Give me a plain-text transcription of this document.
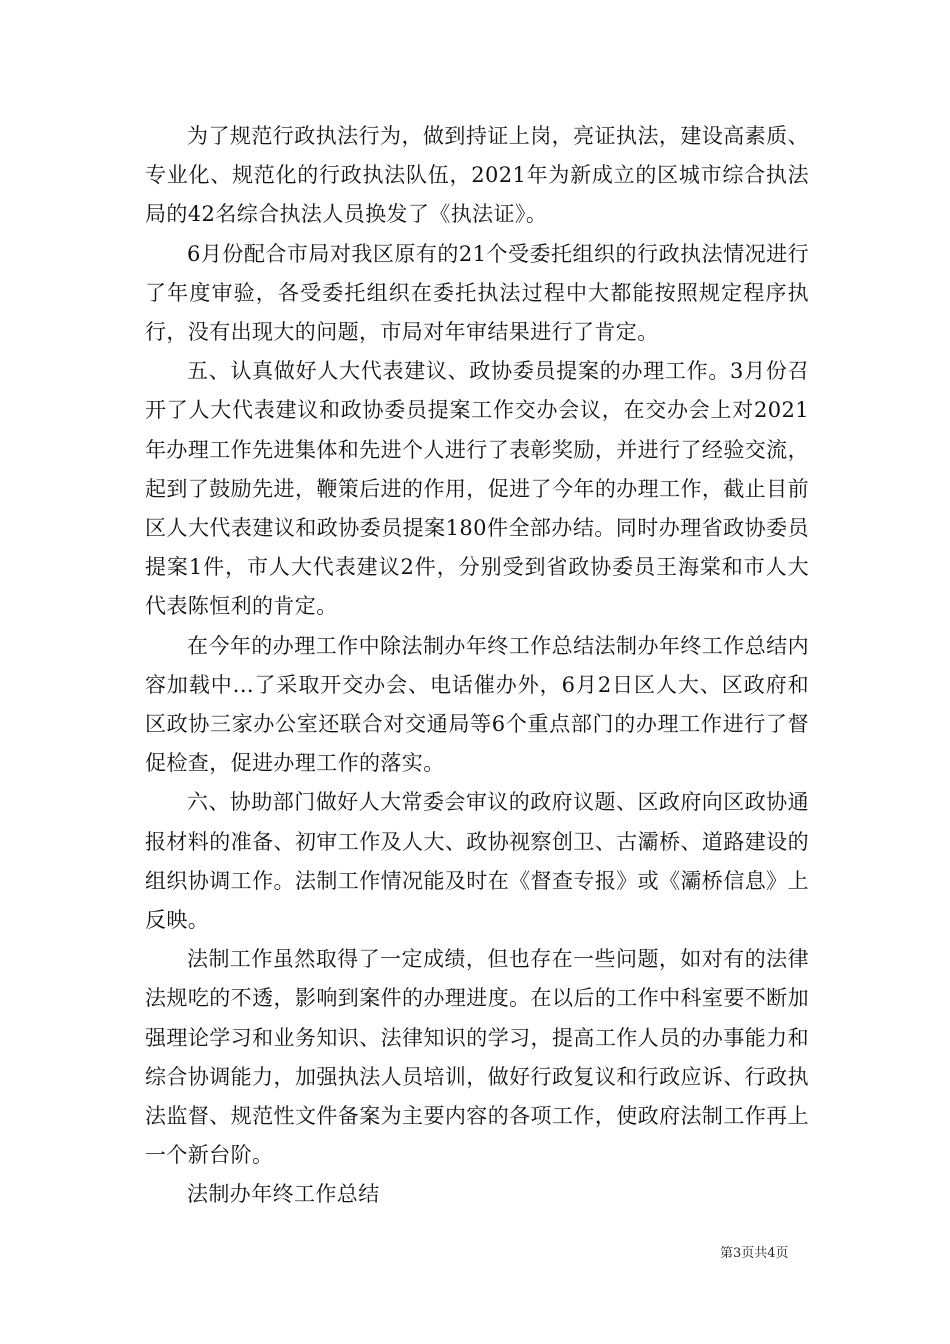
为了规范行政执法行为，做到持证上岗，亮证执法，建设高素质、专业化、规范化的行政执法队伍，2021年为新成立的区城市综合执法局的42名综合执法人员换发了《执法证》。

6月份配合市局对我区原有的21个受委托组织的行政执法情况进行了年度审验，各受委托组织在委托执法过程中大都能按照规定程序执行，没有出现大的问题，市局对年审结果进行了肯定。

五、认真做好人大代表建议、政协委员提案的办理工作。3月份召开了人大代表建议和政协委员提案工作交办会议，在交办会上对2021年办理工作先进集体和先进个人进行了表彰奖励，并进行了经验交流，起到了鼓励先进，鞭策后进的作用，促进了今年的办理工作，截止目前区人大代表建议和政协委员提案180件全部办结。同时办理省政协委员提案1件，市人大代表建议2件，分别受到省政协委员王海棠和市人大代表陈恒利的肯定。

在今年的办理工作中除法制办年终工作总结法制办年终工作总结内容加载中...了采取开交办会、电话催办外，6月2日区人大、区政府和区政协三家办公室还联合对交通局等6个重点部门的办理工作进行了督促检查，促进办理工作的落实。

六、协助部门做好人大常委会审议的政府议题、区政府向区政协通报材料的准备、初审工作及人大、政协视察创卫、古灞桥、道路建设的组织协调工作。法制工作情况能及时在《督查专报》或《灞桥信息》上反映。

法制工作虽然取得了一定成绩，但也存在一些问题，如对有的法律法规吃的不透，影响到案件的办理进度。在以后的工作中科室要不断加强理论学习和业务知识、法律知识的学习，提高工作人员的办事能力和综合协调能力，加强执法人员培训，做好行政复议和行政应诉、行政执法监督、规范性文件备案为主要内容的各项工作，使政府法制工作再上一个新台阶。

法制办年终工作总结

第3页共4页
